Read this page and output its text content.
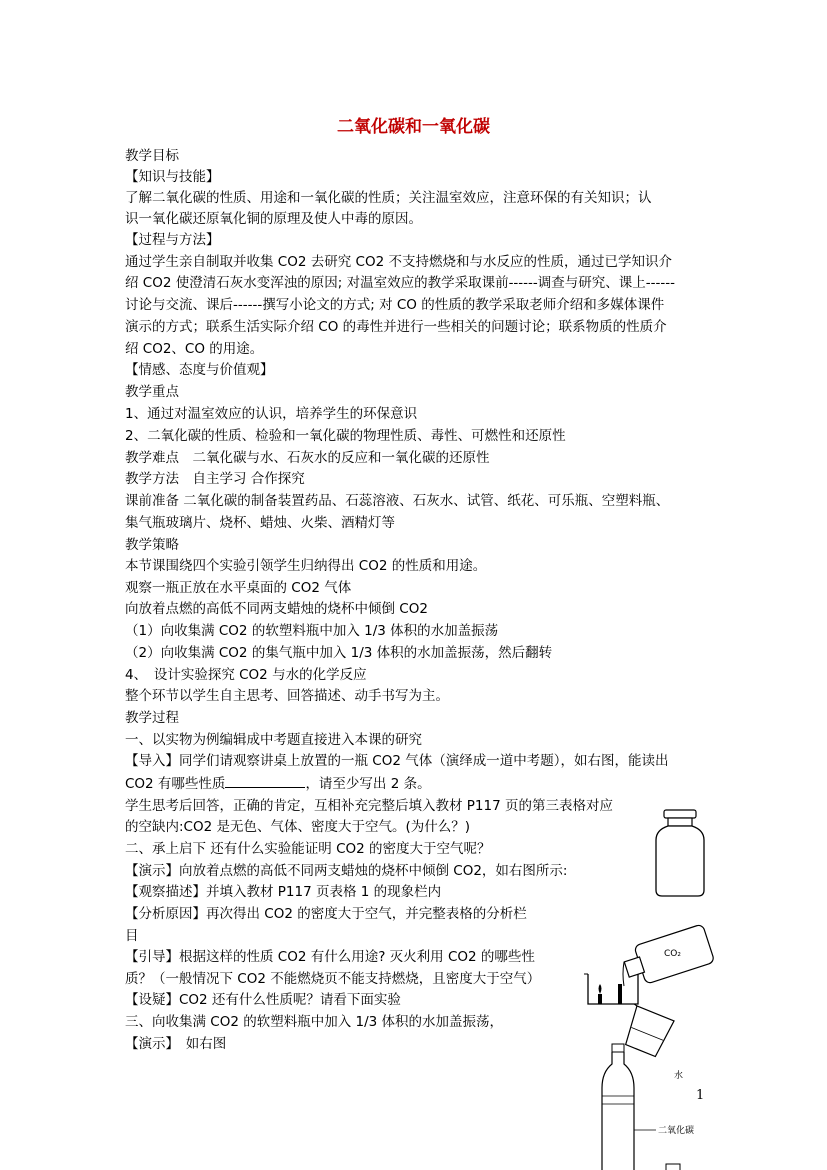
二氧化碳和一氧化碳
教学目标
【知识与技能】
了解二氧化碳的性质、用途和一氧化碳的性质；关注温室效应，注意环保的有关知识；认
识一氧化碳还原氧化铜的原理及使人中毒的原因。
【过程与方法】
通过学生亲自制取并收集 CO2 去研究 CO2 不支持燃烧和与水反应的性质，通过已学知识介
绍 CO2 使澄清石灰水变浑浊的原因; 对温室效应的教学采取课前------调查与研究、课上------
讨论与交流、课后------撰写小论文的方式; 对 CO 的性质的教学采取老师介绍和多媒体课件
演示的方式；联系生活实际介绍 CO 的毒性并进行一些相关的问题讨论；联系物质的性质介
绍 CO2、CO 的用途。
【情感、态度与价值观】
教学重点
1、通过对温室效应的认识，培养学生的环保意识
2、二氧化碳的性质、检验和一氧化碳的物理性质、毒性、可燃性和还原性
教学难点　二氧化碳与水、石灰水的反应和一氧化碳的还原性
教学方法　自主学习 合作探究
课前准备 二氧化碳的制备装置药品、石蕊溶液、石灰水、试管、纸花、可乐瓶、空塑料瓶、
集气瓶玻璃片、烧杯、蜡烛、火柴、酒精灯等
教学策略
本节课围绕四个实验引领学生归纳得出 CO2 的性质和用途。
观察一瓶正放在水平桌面的 CO2 气体
向放着点燃的高低不同两支蜡烛的烧杯中倾倒 CO2
（1）向收集满 CO2 的软塑料瓶中加入 1/3 体积的水加盖振荡
（2）向收集满 CO2 的集气瓶中加入 1/3 体积的水加盖振荡，然后翻转
4、　设计实验探究 CO2 与水的化学反应
整个环节以学生自主思考、回答描述、动手书写为主。
教学过程
一、以实物为例编辑成中考题直接进入本课的研究
【导入】同学们请观察讲桌上放置的一瓶 CO2 气体（演绎成一道中考题），如右图，能读出
CO2 有哪些性质	，请至少写出 2 条。
学生思考后回答，正确的肯定，互相补充完整后填入教材 P117 页的第三表格对应
的空缺内:CO2 是无色、气体、密度大于空气。(为什么？)
二、承上启下 还有什么实验能证明 CO2 的密度大于空气呢？
【演示】向放着点燃的高低不同两支蜡烛的烧杯中倾倒 CO2，如右图所示:
【观察描述】并填入教材 P117 页表格 1 的现象栏内
【分析原因】再次得出 CO2 的密度大于空气，并完整表格的分析栏
目
【引导】根据这样的性质 CO2 有什么用途? 灭火利用 CO2 的哪些性
质？（一般情况下 CO2 不能燃烧页不能支持燃烧，且密度大于空气）
【设疑】CO2 还有什么性质呢？请看下面实验
三、向收集满 CO2 的软塑料瓶中加入 1/3 体积的水加盖振荡，
【演示】　如右图
CO₂
水
二氧化碳
1
